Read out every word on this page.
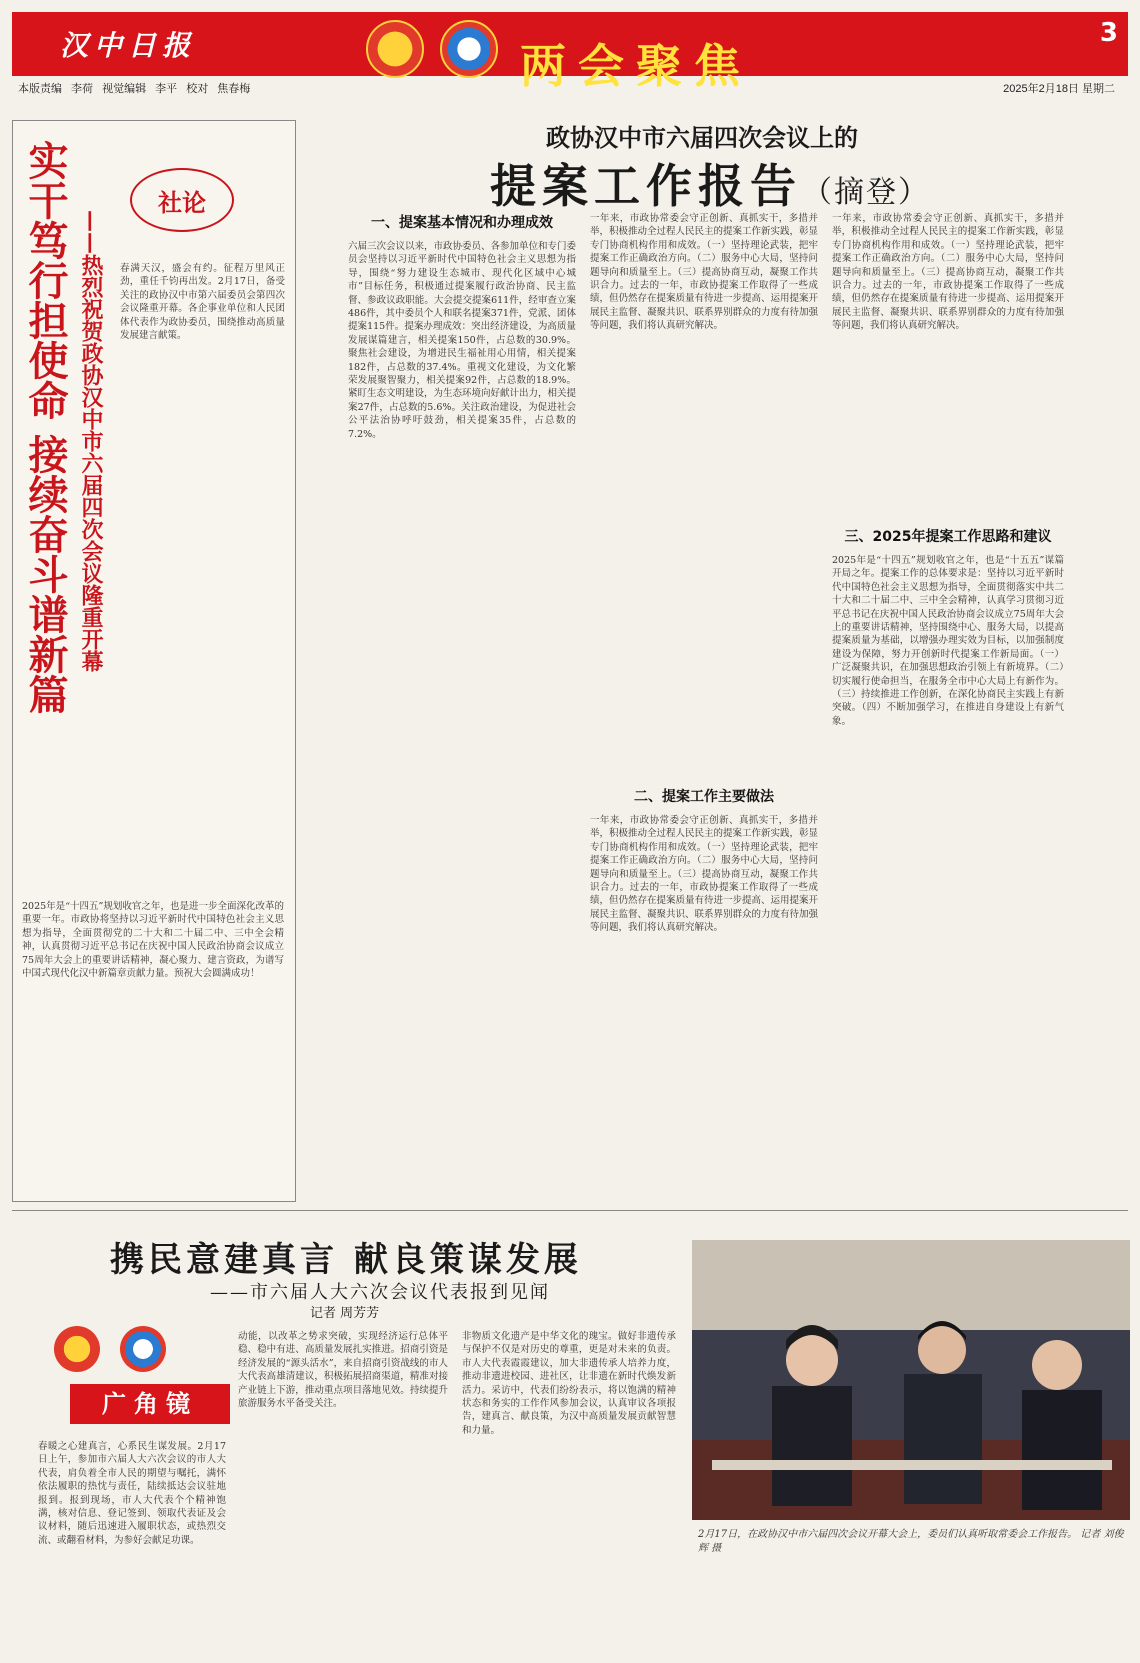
汉中日报	两会聚焦
3
本版责编 李荷 视觉编辑 李平 校对 焦春梅	2025年2月18日 星期二
实干笃行担使命 接续奋斗谱新篇 ——热烈祝贺政协汉中市六届四次会议隆重开幕
社论
春满天汉，盛会有约。征程万里风正劲，重任千钧再出发。2月17日，备受关注的政协汉中市第六届委员会第四次会议隆重开幕。各企事业单位和人民团体代表作为政协委员，围绕推动高质量发展建言献策。
2025年是“十四五”规划收官之年，也是进一步全面深化改革的重要一年。市政协将坚持以习近平新时代中国特色社会主义思想为指导，全面贯彻党的二十大和二十届二中、三中全会精神，认真贯彻习近平总书记在庆祝中国人民政治协商会议成立75周年大会上的重要讲话精神，凝心聚力、建言资政，为谱写中国式现代化汉中新篇章贡献力量。预祝大会圆满成功！
政协汉中市六届四次会议上的
提案工作报告（摘登）
一、提案基本情况和办理成效
六届三次会议以来，市政协委员、各参加单位和专门委员会坚持以习近平新时代中国特色社会主义思想为指导，围绕“努力建设生态城市、现代化区域中心城市”目标任务，积极通过提案履行政治协商、民主监督、参政议政职能。大会提交提案611件，经审查立案486件，其中委员个人和联名提案371件，党派、团体提案115件。提案办理成效：突出经济建设，为高质量发展谋篇建言，相关提案150件，占总数的30.9%。聚焦社会建设，为增进民生福祉用心用情，相关提案182件，占总数的37.4%。重视文化建设，为文化繁荣发展聚智聚力，相关提案92件，占总数的18.9%。紧盯生态文明建设，为生态环境向好献计出力，相关提案27件，占总数的5.6%。关注政治建设，为促进社会公平法治协呼吁鼓劲，相关提案35件，占总数的7.2%。
一年来，市政协常委会守正创新、真抓实干，多措并举，积极推动全过程人民民主的提案工作新实践，彰显专门协商机构作用和成效。（一）坚持理论武装，把牢提案工作正确政治方向。（二）服务中心大局，坚持问题导向和质量至上。（三）提高协商互动，凝聚工作共识合力。过去的一年，市政协提案工作取得了一些成绩，但仍然存在提案质量有待进一步提高、运用提案开展民主监督、凝聚共识、联系界别群众的力度有待加强等问题，我们将认真研究解决。
二、提案工作主要做法
一年来，市政协常委会守正创新、真抓实干，多措并举，积极推动全过程人民民主的提案工作新实践，彰显专门协商机构作用和成效。（一）坚持理论武装，把牢提案工作正确政治方向。（二）服务中心大局，坚持问题导向和质量至上。（三）提高协商互动，凝聚工作共识合力。过去的一年，市政协提案工作取得了一些成绩，但仍然存在提案质量有待进一步提高、运用提案开展民主监督、凝聚共识、联系界别群众的力度有待加强等问题，我们将认真研究解决。
一年来，市政协常委会守正创新、真抓实干，多措并举，积极推动全过程人民民主的提案工作新实践，彰显专门协商机构作用和成效。（一）坚持理论武装，把牢提案工作正确政治方向。（二）服务中心大局，坚持问题导向和质量至上。（三）提高协商互动，凝聚工作共识合力。过去的一年，市政协提案工作取得了一些成绩，但仍然存在提案质量有待进一步提高、运用提案开展民主监督、凝聚共识、联系界别群众的力度有待加强等问题，我们将认真研究解决。
三、2025年提案工作思路和建议
2025年是“十四五”规划收官之年，也是“十五五”谋篇开局之年。提案工作的总体要求是：坚持以习近平新时代中国特色社会主义思想为指导，全面贯彻落实中共二十大和二十届二中、三中全会精神，认真学习贯彻习近平总书记在庆祝中国人民政治协商会议成立75周年大会上的重要讲话精神，坚持围绕中心、服务大局，以提高提案质量为基础，以增强办理实效为目标，以加强制度建设为保障，努力开创新时代提案工作新局面。（一）广泛凝聚共识，在加强思想政治引领上有新境界。（二）切实履行使命担当，在服务全市中心大局上有新作为。（三）持续推进工作创新，在深化协商民主实践上有新突破。（四）不断加强学习，在推进自身建设上有新气象。
携民意建真言 献良策谋发展
——市六届人大六次会议代表报到见闻
记者 周芳芳
广角镜
春暖之心建真言，心系民生谋发展。2月17日上午，参加市六届人大六次会议的市人大代表，肩负着全市人民的期望与嘱托，满怀依法履职的热忱与责任，陆续抵达会议驻地报到。报到现场，市人大代表个个精神饱满，核对信息、登记签到、领取代表证及会议材料，随后迅速进入履职状态，或热烈交流、或翻看材料，为参好会献足功课。
动能，以改革之势求突破，实现经济运行总体平稳、稳中有进、高质量发展扎实推进。招商引资是经济发展的“源头活水”，来自招商引资战线的市人大代表高雄清建议，积极拓展招商渠道，精准对接产业链上下游，推动重点项目落地见效。持续提升旅游服务水平备受关注。
非物质文化遗产是中华文化的瑰宝。做好非遗传承与保护不仅是对历史的尊重，更是对未来的负责。市人大代表霞霞建议，加大非遗传承人培养力度，推动非遗进校园、进社区，让非遗在新时代焕发新活力。采访中，代表们纷纷表示，将以饱满的精神状态和务实的工作作风参加会议，认真审议各项报告，建真言、献良策，为汉中高质量发展贡献智慧和力量。
2月17日，在政协汉中市六届四次会议开幕大会上，委员们认真听取常委会工作报告。 记者 刘俊辉 摄
